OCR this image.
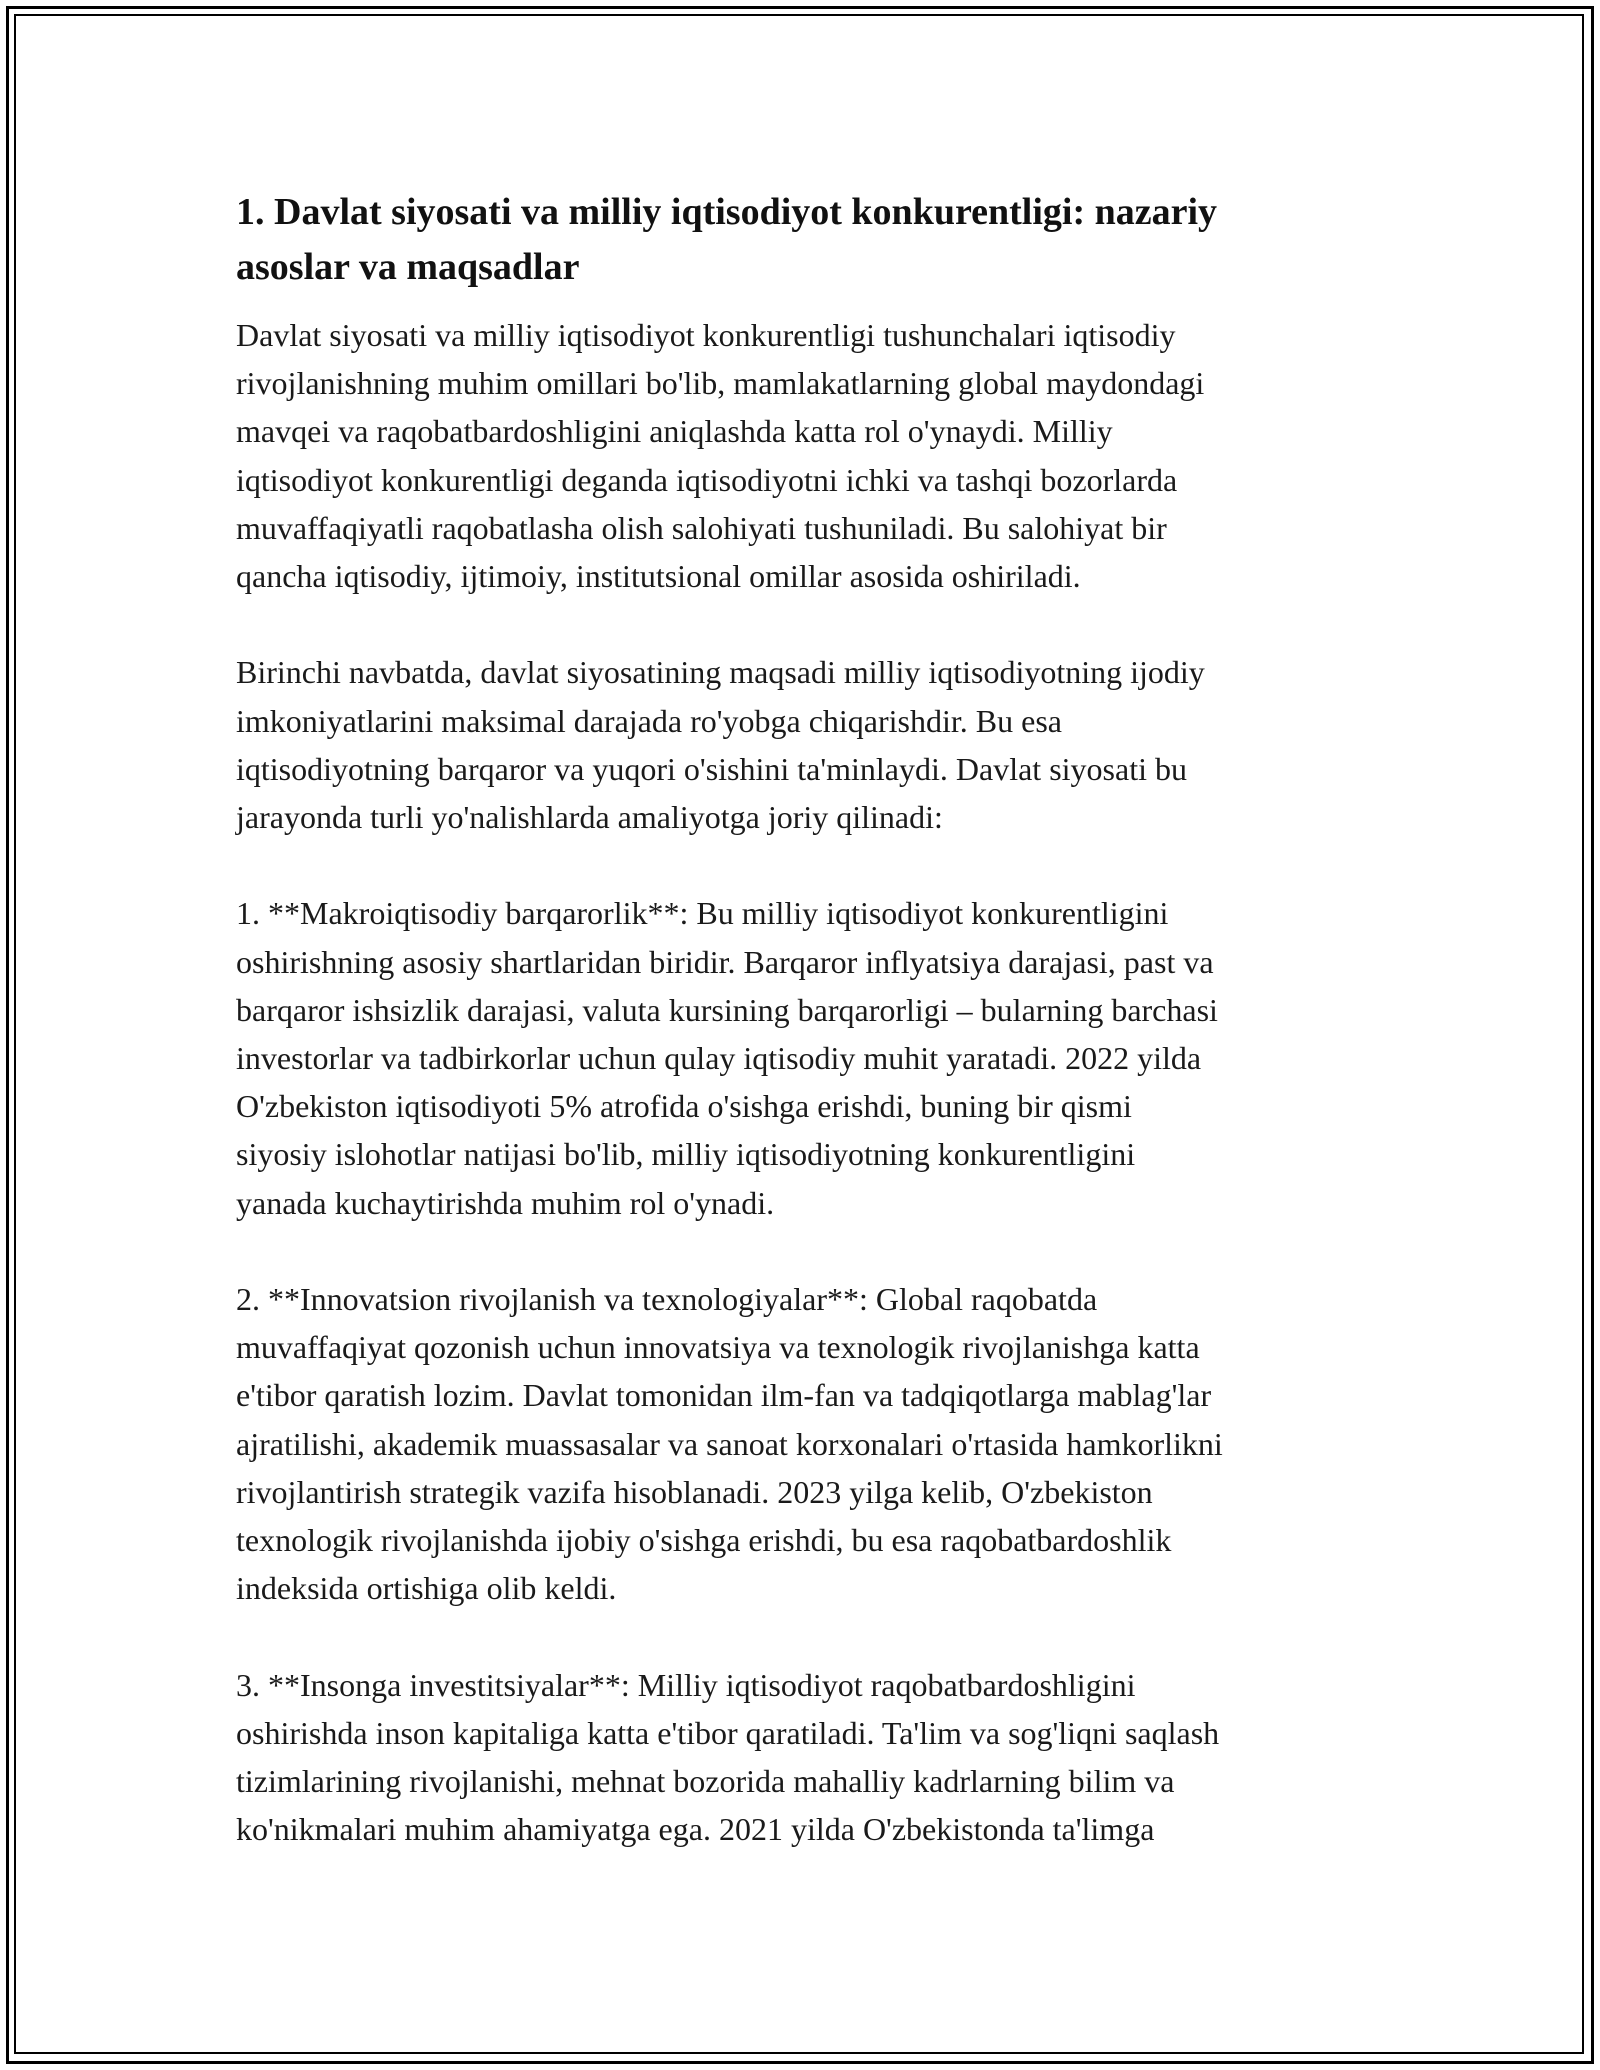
1. Davlat siyosati va milliy iqtisodiyot konkurentligi: nazariy
asoslar va maqsadlar

Davlat siyosati va milliy iqtisodiyot konkurentligi tushunchalari iqtisodiy
rivojlanishning muhim omillari bo'lib, mamlakatlarning global maydondagi
mavqei va raqobatbardoshligini aniqlashda katta rol o'ynaydi. Milliy
iqtisodiyot konkurentligi deganda iqtisodiyotni ichki va tashqi bozorlarda
muvaffaqiyatli raqobatlasha olish salohiyati tushuniladi. Bu salohiyat bir
qancha iqtisodiy, ijtimoiy, institutsional omillar asosida oshiriladi.

Birinchi navbatda, davlat siyosatining maqsadi milliy iqtisodiyotning ijodiy
imkoniyatlarini maksimal darajada ro'yobga chiqarishdir. Bu esa
iqtisodiyotning barqaror va yuqori o'sishini ta'minlaydi. Davlat siyosati bu
jarayonda turli yo'nalishlarda amaliyotga joriy qilinadi:

1. **Makroiqtisodiy barqarorlik**: Bu milliy iqtisodiyot konkurentligini
oshirishning asosiy shartlaridan biridir. Barqaror inflyatsiya darajasi, past va
barqaror ishsizlik darajasi, valuta kursining barqarorligi – bularning barchasi
investorlar va tadbirkorlar uchun qulay iqtisodiy muhit yaratadi. 2022 yilda
O'zbekiston iqtisodiyoti 5% atrofida o'sishga erishdi, buning bir qismi
siyosiy islohotlar natijasi bo'lib, milliy iqtisodiyotning konkurentligini
yanada kuchaytirishda muhim rol o'ynadi.

2. **Innovatsion rivojlanish va texnologiyalar**: Global raqobatda
muvaffaqiyat qozonish uchun innovatsiya va texnologik rivojlanishga katta
e'tibor qaratish lozim. Davlat tomonidan ilm-fan va tadqiqotlarga mablag'lar
ajratilishi, akademik muassasalar va sanoat korxonalari o'rtasida hamkorlikni
rivojlantirish strategik vazifa hisoblanadi. 2023 yilga kelib, O'zbekiston
texnologik rivojlanishda ijobiy o'sishga erishdi, bu esa raqobatbardoshlik
indeksida ortishiga olib keldi.

3. **Insonga investitsiyalar**: Milliy iqtisodiyot raqobatbardoshligini
oshirishda inson kapitaliga katta e'tibor qaratiladi. Ta'lim va sog'liqni saqlash
tizimlarining rivojlanishi, mehnat bozorida mahalliy kadrlarning bilim va
ko'nikmalari muhim ahamiyatga ega. 2021 yilda O'zbekistonda ta'limga
